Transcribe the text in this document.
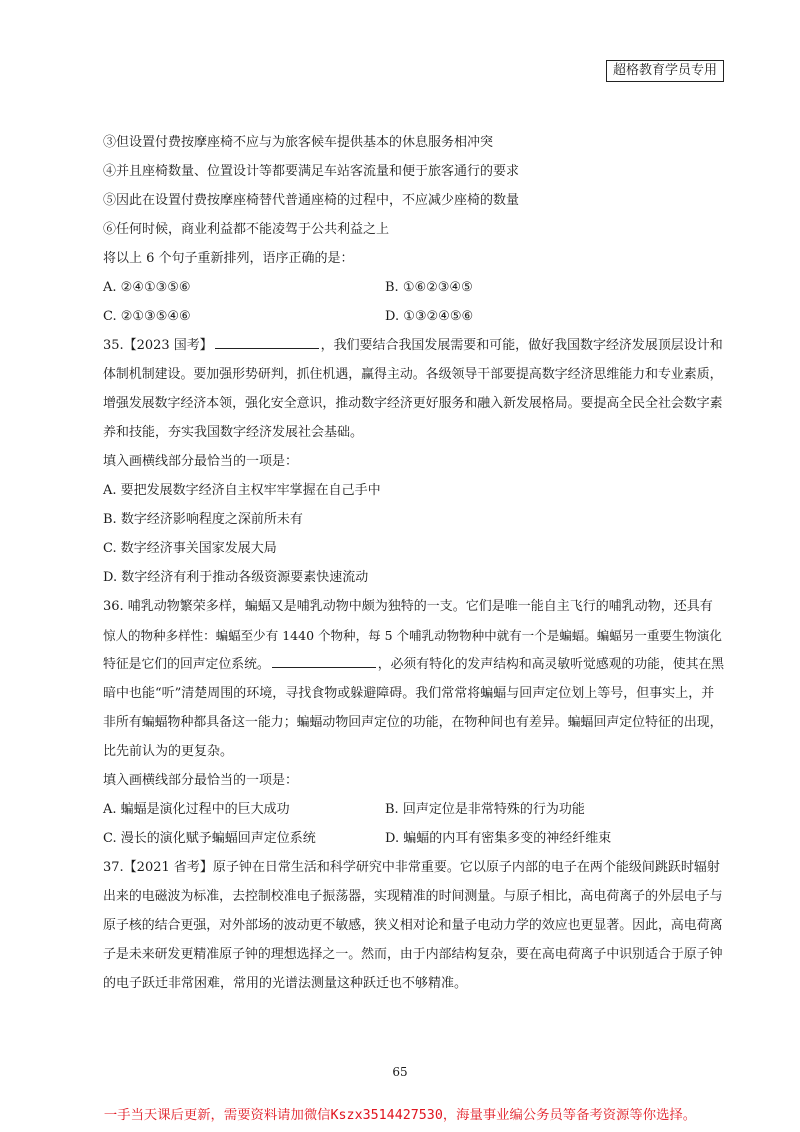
超格教育学员专用
③但设置付费按摩座椅不应与为旅客候车提供基本的休息服务相冲突
④并且座椅数量、位置设计等都要满足车站客流量和便于旅客通行的要求
⑤因此在设置付费按摩座椅替代普通座椅的过程中，不应减少座椅的数量
⑥任何时候，商业利益都不能凌驾于公共利益之上
将以上 6 个句子重新排列，语序正确的是：
A. ②④①③⑤⑥	B. ①⑥②③④⑤
C. ②①③⑤④⑥	D. ①③②④⑤⑥
35.【2023 国考】	，我们要结合我国发展需要和可能，做好我国数字经济发展顶层设计和
体制机制建设。要加强形势研判，抓住机遇，赢得主动。各级领导干部要提高数字经济思维能力和专业素质，
增强发展数字经济本领，强化安全意识，推动数字经济更好服务和融入新发展格局。要提高全民全社会数字素
养和技能，夯实我国数字经济发展社会基础。
填入画横线部分最恰当的一项是：
A. 要把发展数字经济自主权牢牢掌握在自己手中
B. 数字经济影响程度之深前所未有
C. 数字经济事关国家发展大局
D. 数字经济有利于推动各级资源要素快速流动
36. 哺乳动物繁荣多样，蝙蝠又是哺乳动物中颇为独特的一支。它们是唯一能自主飞行的哺乳动物，还具有
惊人的物种多样性：蝙蝠至少有 1440 个物种，每 5 个哺乳动物物种中就有一个是蝙蝠。蝙蝠另一重要生物演化
特征是它们的回声定位系统。	，必须有特化的发声结构和高灵敏听觉感观的功能，使其在黑
暗中也能“听”清楚周围的环境，寻找食物或躲避障碍。我们常常将蝙蝠与回声定位划上等号，但事实上，并
非所有蝙蝠物种都具备这一能力；蝙蝠动物回声定位的功能，在物种间也有差异。蝙蝠回声定位特征的出现，
比先前认为的更复杂。
填入画横线部分最恰当的一项是：
A. 蝙蝠是演化过程中的巨大成功	B. 回声定位是非常特殊的行为功能
C. 漫长的演化赋予蝙蝠回声定位系统	D. 蝙蝠的内耳有密集多变的神经纤维束
37.【2021 省考】原子钟在日常生活和科学研究中非常重要。它以原子内部的电子在两个能级间跳跃时辐射
出来的电磁波为标准，去控制校准电子振荡器，实现精准的时间测量。与原子相比，高电荷离子的外层电子与
原子核的结合更强，对外部场的波动更不敏感，狭义相对论和量子电动力学的效应也更显著。因此，高电荷离
子是未来研发更精准原子钟的理想选择之一。然而，由于内部结构复杂，要在高电荷离子中识别适合于原子钟
的电子跃迁非常困难，常用的光谱法测量这种跃迁也不够精准。
65
一手当天课后更新，需要资料请加微信Kszx3514427530，海量事业编公务员等备考资源等你选择。
